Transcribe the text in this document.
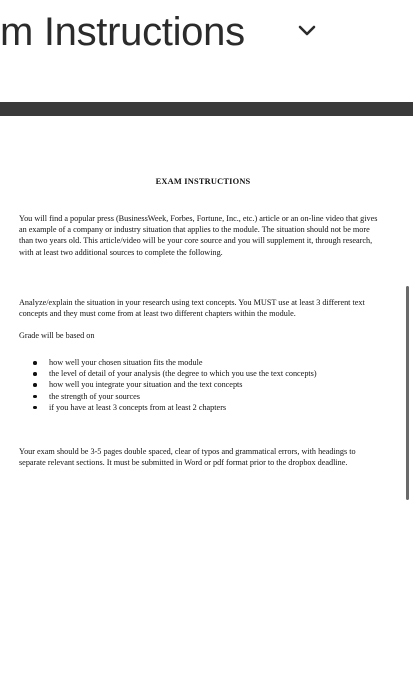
m Instructions
EXAM INSTRUCTIONS

You will find a popular press (BusinessWeek, Forbes, Fortune, Inc., etc.) article or an on-line video that gives an example of a company or industry situation that applies to the module. The situation should not be more than two years old. This article/video will be your core source and you will supplement it, through research, with at least two additional sources to complete the following.

Analyze/explain the situation in your research using text concepts. You MUST use at least 3 different text concepts and they must come from at least two different chapters within the module.

Grade will be based on

how well your chosen situation fits the module
the level of detail of your analysis (the degree to which you use the text concepts)
how well you integrate your situation and the text concepts
the strength of your sources
if you have at least 3 concepts from at least 2 chapters

Your exam should be 3-5 pages double spaced, clear of typos and grammatical errors, with headings to separate relevant sections. It must be submitted in Word or pdf format prior to the dropbox deadline.
